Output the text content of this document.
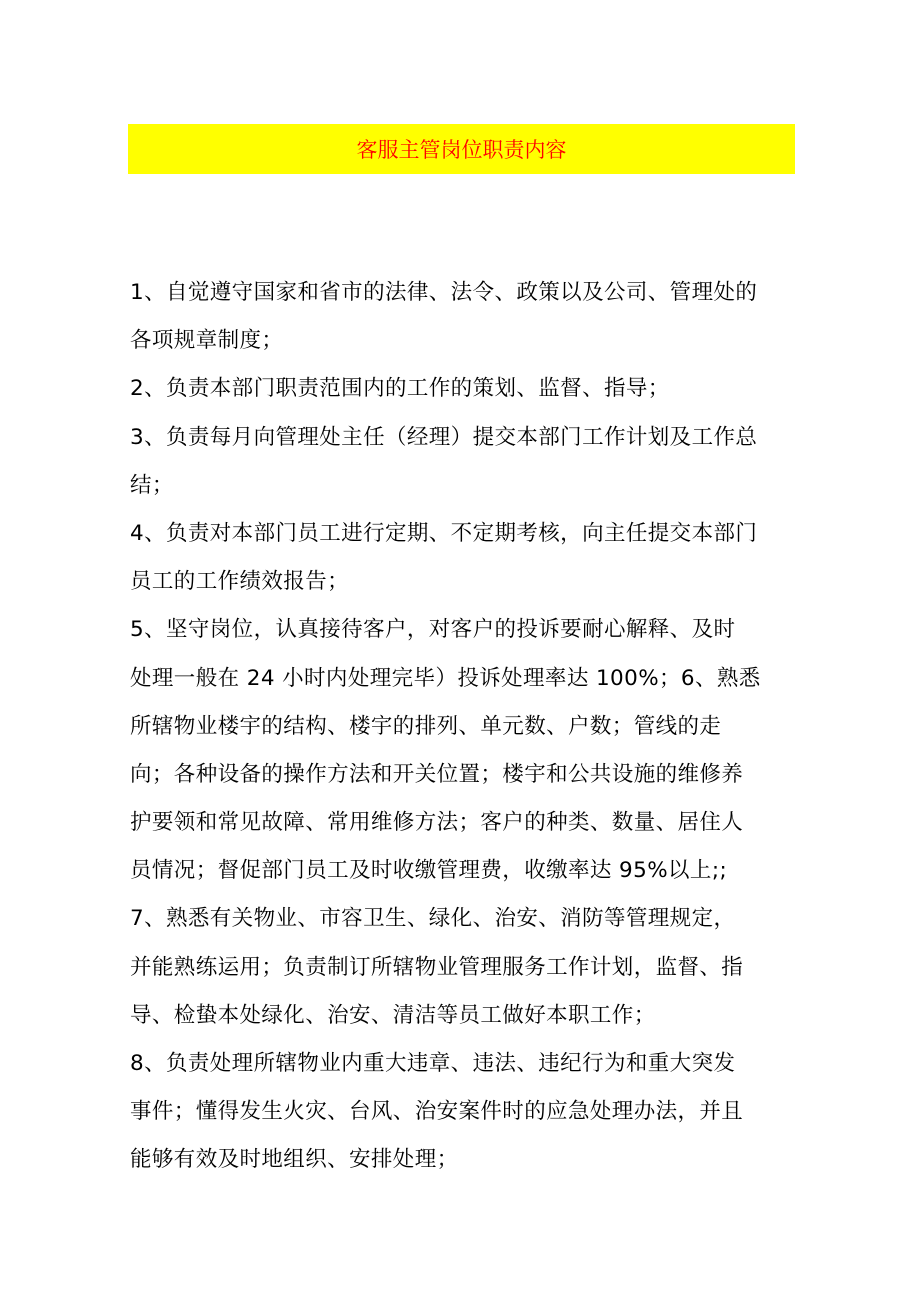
客服主管岗位职责内容
1、自觉遵守国家和省市的法律、法令、政策以及公司、管理处的
各项规章制度；
2、负责本部门职责范围内的工作的策划、监督、指导；
3、负责每月向管理处主任（经理）提交本部门工作计划及工作总
结；
4、负责对本部门员工进行定期、不定期考核，向主任提交本部门
员工的工作绩效报告；
5、坚守岗位，认真接待客户，对客户的投诉要耐心解释、及时
处理一般在 24 小时内处理完毕）投诉处理率达 100%；6、熟悉
所辖物业楼宇的结构、楼宇的排列、单元数、户数；管线的走
向；各种设备的操作方法和开关位置；楼宇和公共设施的维修养
护要领和常见故障、常用维修方法；客户的种类、数量、居住人
员情况；督促部门员工及时收缴管理费，收缴率达 95%以上;;
7、熟悉有关物业、市容卫生、绿化、治安、消防等管理规定，
并能熟练运用；负责制订所辖物业管理服务工作计划，监督、指
导、检蛰本处绿化、治安、清洁等员工做好本职工作；
8、负责处理所辖物业内重大违章、违法、违纪行为和重大突发
事件；懂得发生火灾、台风、治安案件时的应急处理办法，并且
能够有效及时地组织、安排处理；
